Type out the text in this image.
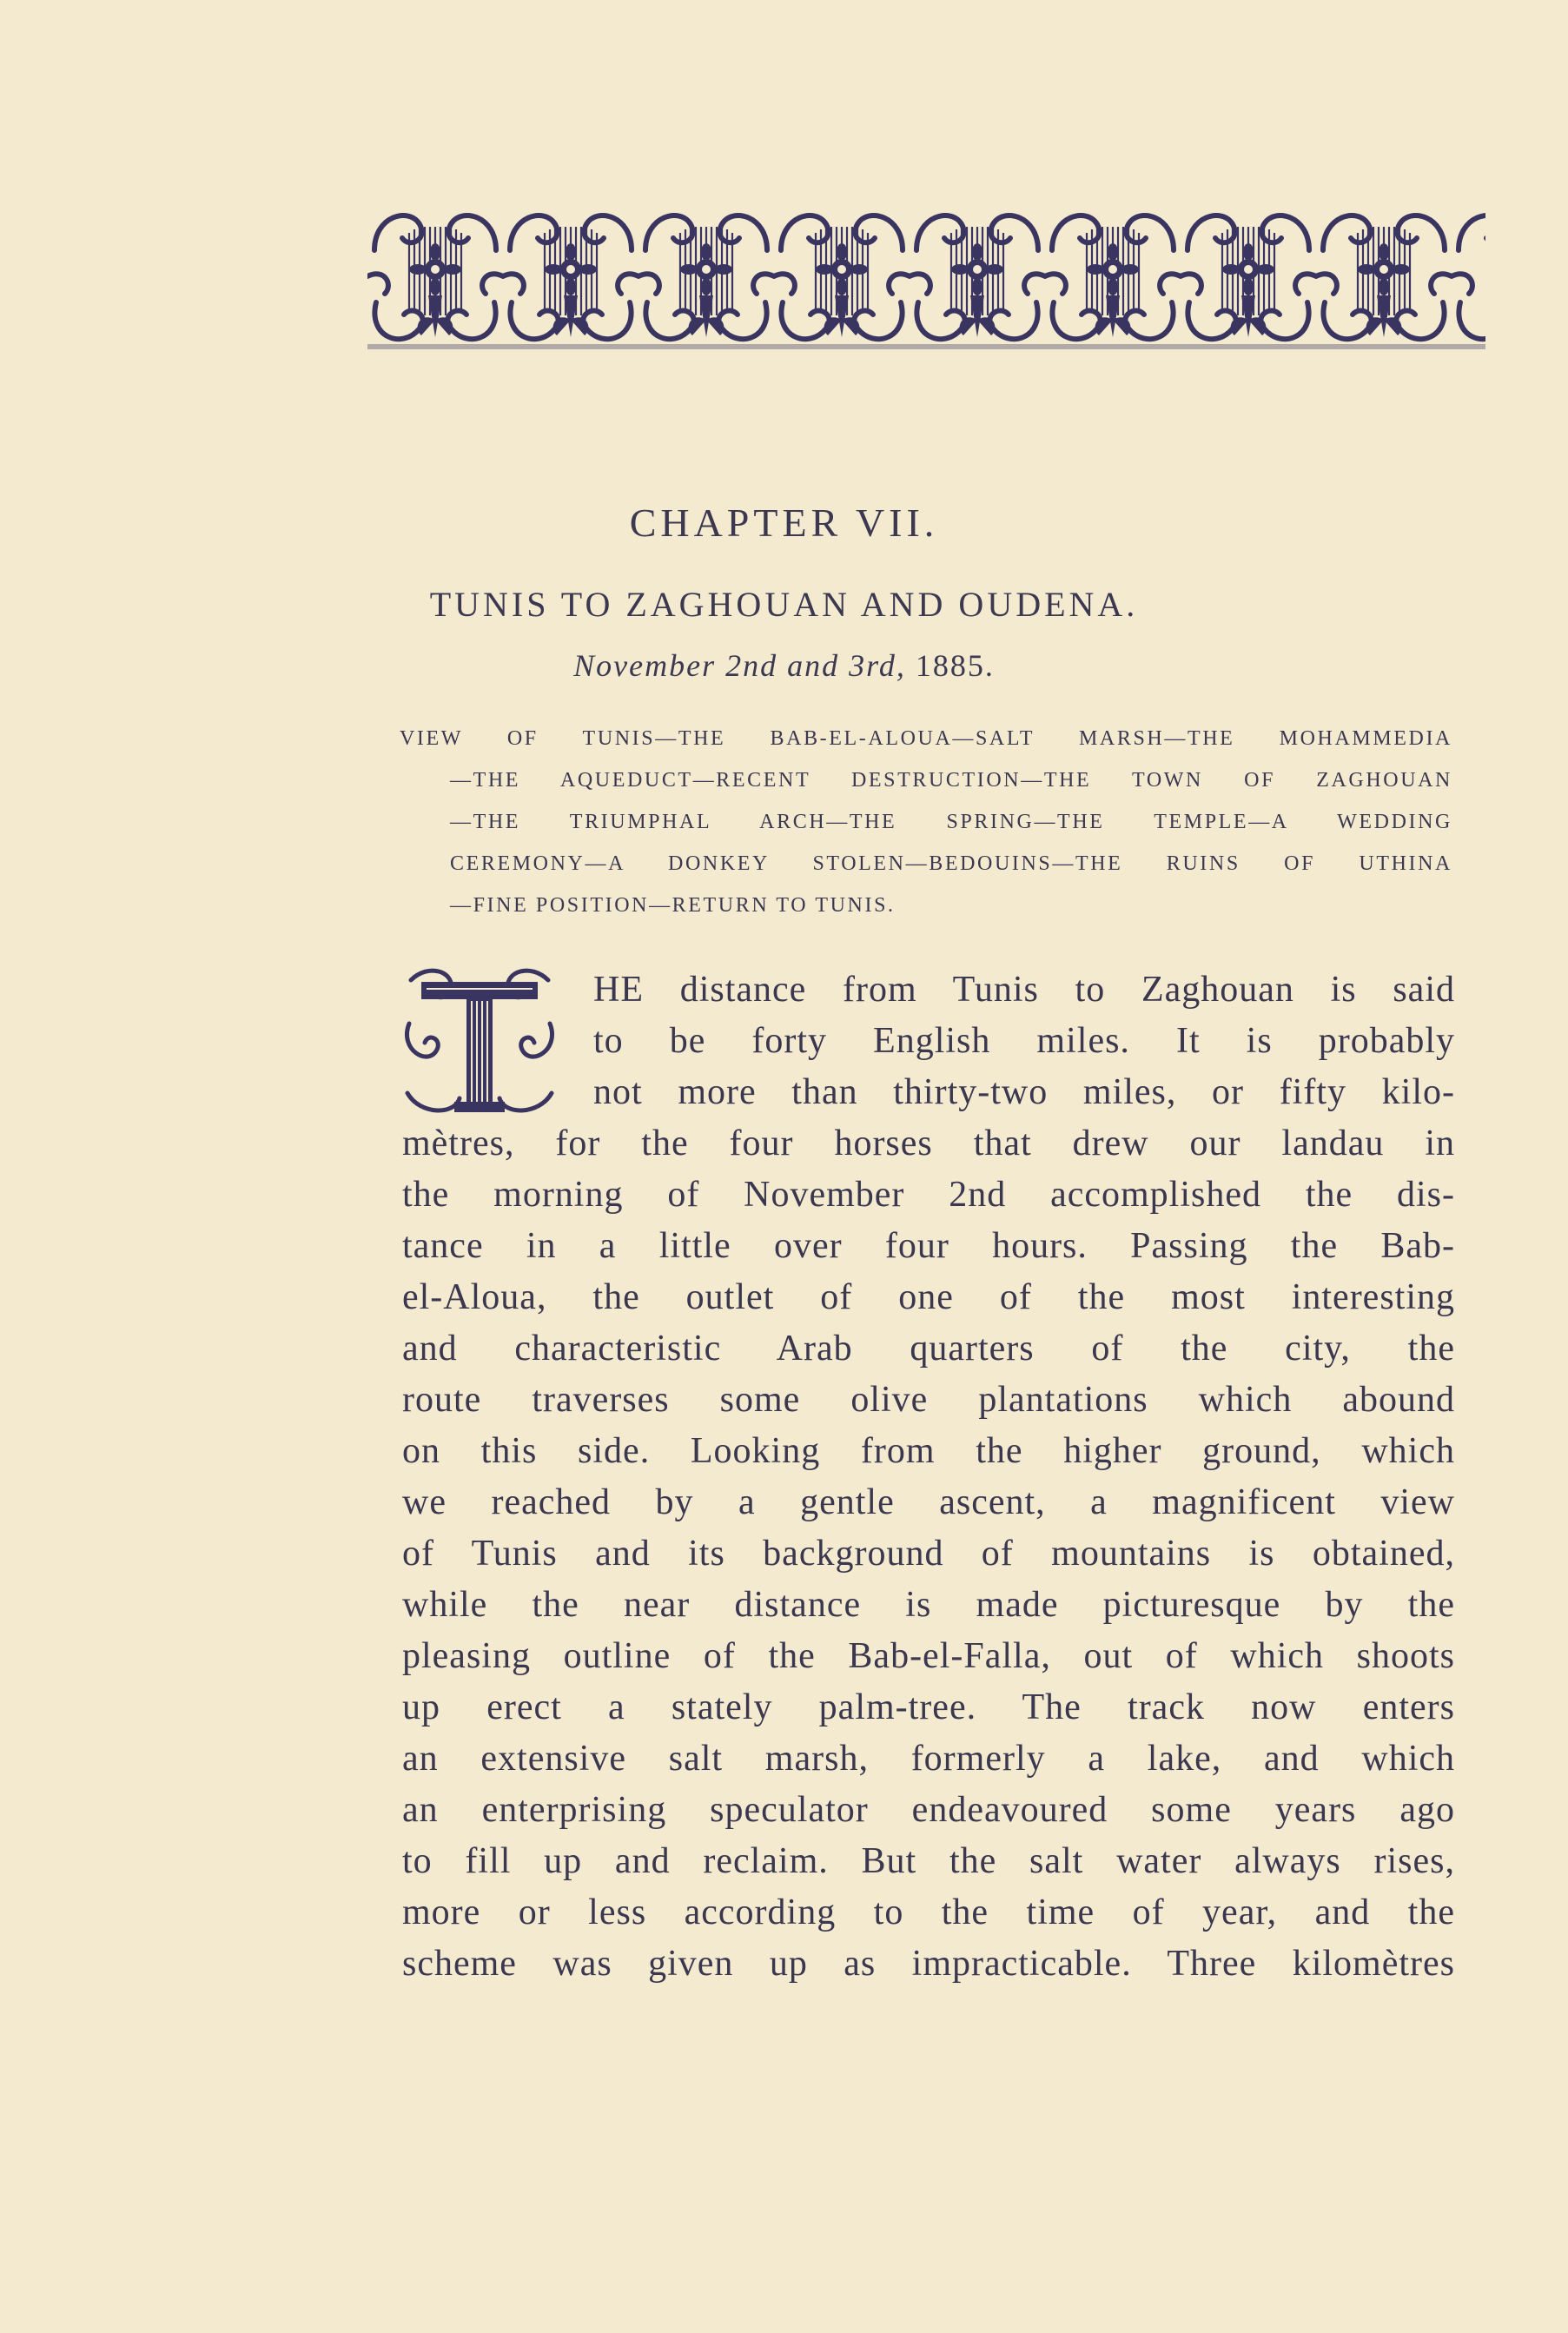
CHAPTER VII.
TUNIS TO ZAGHOUAN AND OUDENA.
November 2nd and 3rd, 1885.
VIEW OF TUNIS—THE BAB-EL-ALOUA—SALT MARSH—THE MOHAMMEDIA
—THE AQUEDUCT—RECENT DESTRUCTION—THE TOWN OF ZAGHOUAN
—THE TRIUMPHAL ARCH—THE SPRING—THE TEMPLE—A WEDDING
CEREMONY—A DONKEY STOLEN—BEDOUINS—THE RUINS OF UTHINA
—FINE POSITION—RETURN TO TUNIS.
HE distance from Tunis to Zaghouan is said
to be forty English miles. It is probably
not more than thirty-two miles, or fifty kilo-
mètres, for the four horses that drew our landau in
the morning of November 2nd accomplished the dis-
tance in a little over four hours. Passing the Bab-
el-Aloua, the outlet of one of the most interesting
and characteristic Arab quarters of the city, the
route traverses some olive plantations which abound
on this side. Looking from the higher ground, which
we reached by a gentle ascent, a magnificent view
of Tunis and its background of mountains is obtained,
while the near distance is made picturesque by the
pleasing outline of the Bab-el-Falla, out of which shoots
up erect a stately palm-tree. The track now enters
an extensive salt marsh, formerly a lake, and which
an enterprising speculator endeavoured some years ago
to fill up and reclaim. But the salt water always rises,
more or less according to the time of year, and the
scheme was given up as impracticable. Three kilomètres
